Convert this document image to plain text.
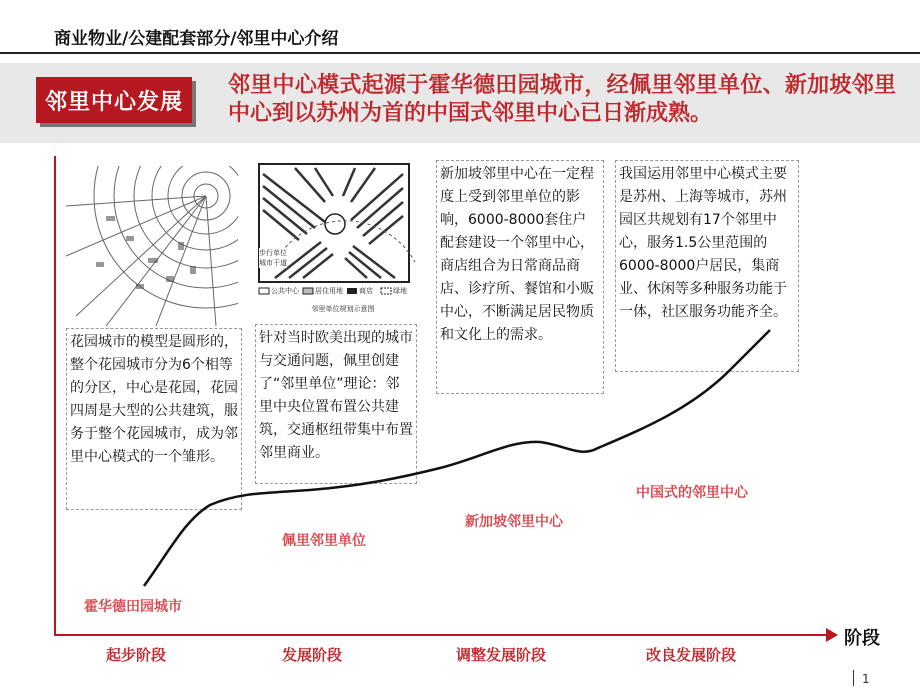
商业物业/公建配套部分/邻里中心介绍
邻里中心发展
邻里中心模式起源于霍华德田园城市，经佩里邻里单位、新加坡邻里中心到以苏州为首的中国式邻里中心已日渐成熟。
阶段
步行单位
城市干道
公共中心 居住用地 商店	绿地
邻里单位规划示意图
花园城市的模型是圆形的，整个花园城市分为6个相等的分区，中心是花园，花园四周是大型的公共建筑，服务于整个花园城市，成为邻里中心模式的一个雏形。
针对当时欧美出现的城市与交通问题，佩里创建了“邻里单位”理论：邻里中央位置布置公共建筑，交通枢纽带集中布置邻里商业。
新加坡邻里中心在一定程度上受到邻里单位的影响，6000-8000套住户配套建设一个邻里中心，商店组合为日常商品商店、诊疗所、餐馆和小贩中心，不断满足居民物质和文化上的需求。
我国运用邻里中心模式主要是苏州、上海等城市，苏州园区共规划有17个邻里中心，服务1.5公里范围的6000-8000户居民，集商业、休闲等多种服务功能于一体，社区服务功能齐全。
霍华德田园城市
佩里邻里单位
新加坡邻里中心
中国式的邻里中心
起步阶段	发展阶段	调整发展阶段	改良发展阶段
1
